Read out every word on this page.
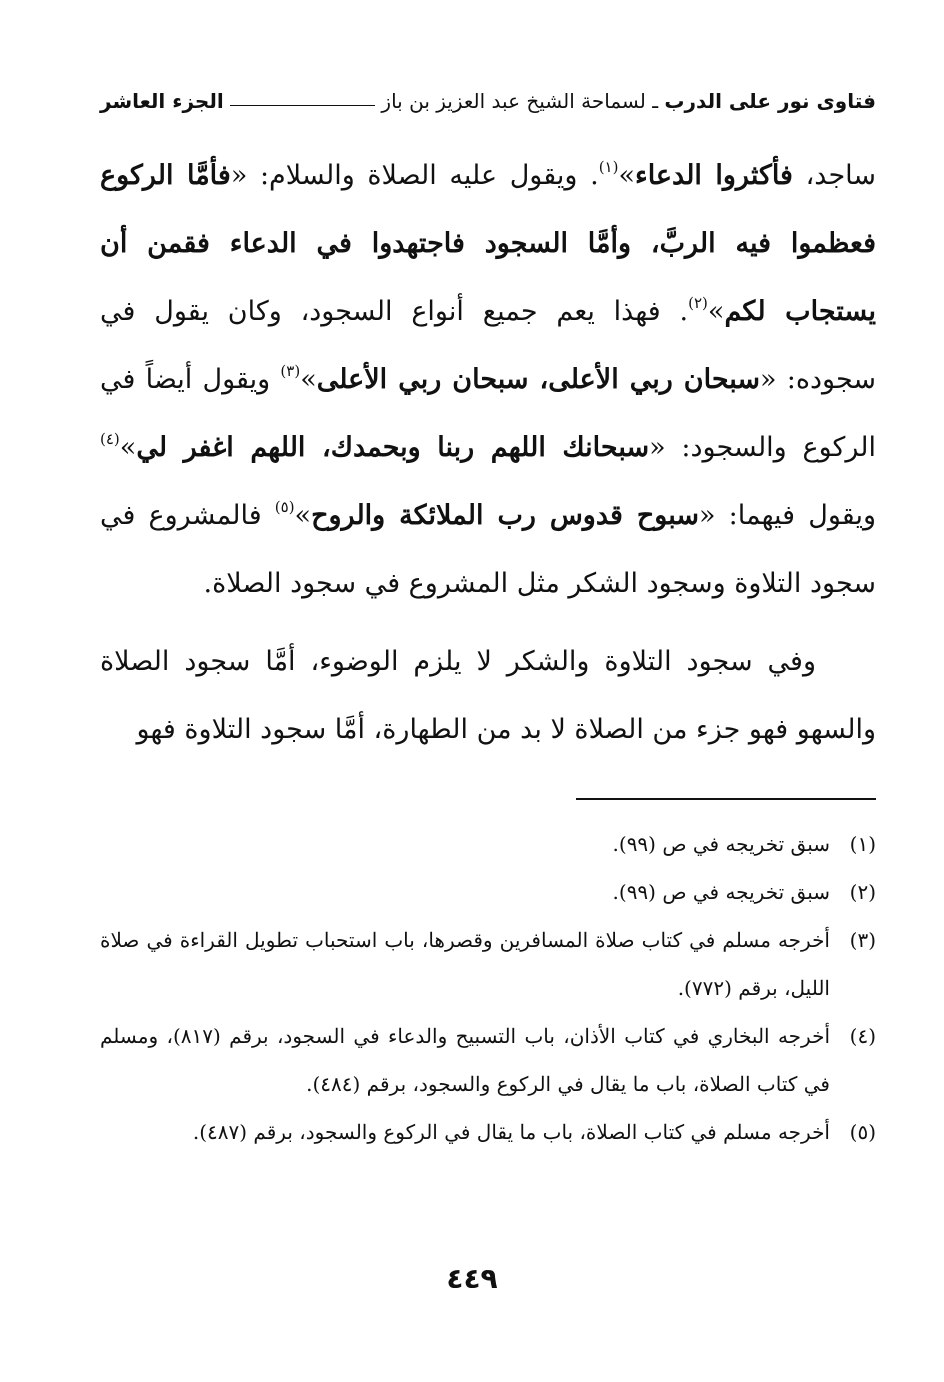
فتاوى نور على الدرب
ـ
لسماحة الشيخ عبد العزيز بن باز
الجزء العاشر

ساجد، فأكثروا الدعاء»$^{(١)}$. ويقول عليه الصلاة والسلام: «فأمَّا الركوع فعظموا فيه الربَّ، وأمَّا السجود فاجتهدوا في الدعاء فقمن أن يستجاب لكم»$^{(٢)}$. فهذا يعم جميع أنواع السجود، وكان يقول في سجوده: «سبحان ربي الأعلى، سبحان ربي الأعلى»$^{(٣)}$ ويقول أيضاً في الركوع والسجود: «سبحانك اللهم ربنا وبحمدك، اللهم اغفر لي»$^{(٤)}$ ويقول فيهما: «سبوح قدوس رب الملائكة والروح»$^{(٥)}$ فالمشروع في سجود التلاوة وسجود الشكر مثل المشروع في سجود الصلاة.

وفي سجود التلاوة والشكر لا يلزم الوضوء، أمَّا سجود الصلاة والسهو فهو جزء من الصلاة لا بد من الطهارة، أمَّا سجود التلاوة فهو

(١)
سبق تخريجه في ص (٩٩).
(٢)
سبق تخريجه في ص (٩٩).
(٣)
أخرجه مسلم في كتاب صلاة المسافرين وقصرها، باب استحباب تطويل القراءة في صلاة الليل، برقم (٧٧٢).
(٤)
أخرجه البخاري في كتاب الأذان، باب التسبيح والدعاء في السجود، برقم (٨١٧)، ومسلم في كتاب الصلاة، باب ما يقال في الركوع والسجود، برقم (٤٨٤).
(٥)
أخرجه مسلم في كتاب الصلاة، باب ما يقال في الركوع والسجود، برقم (٤٨٧).
٤٤٩
